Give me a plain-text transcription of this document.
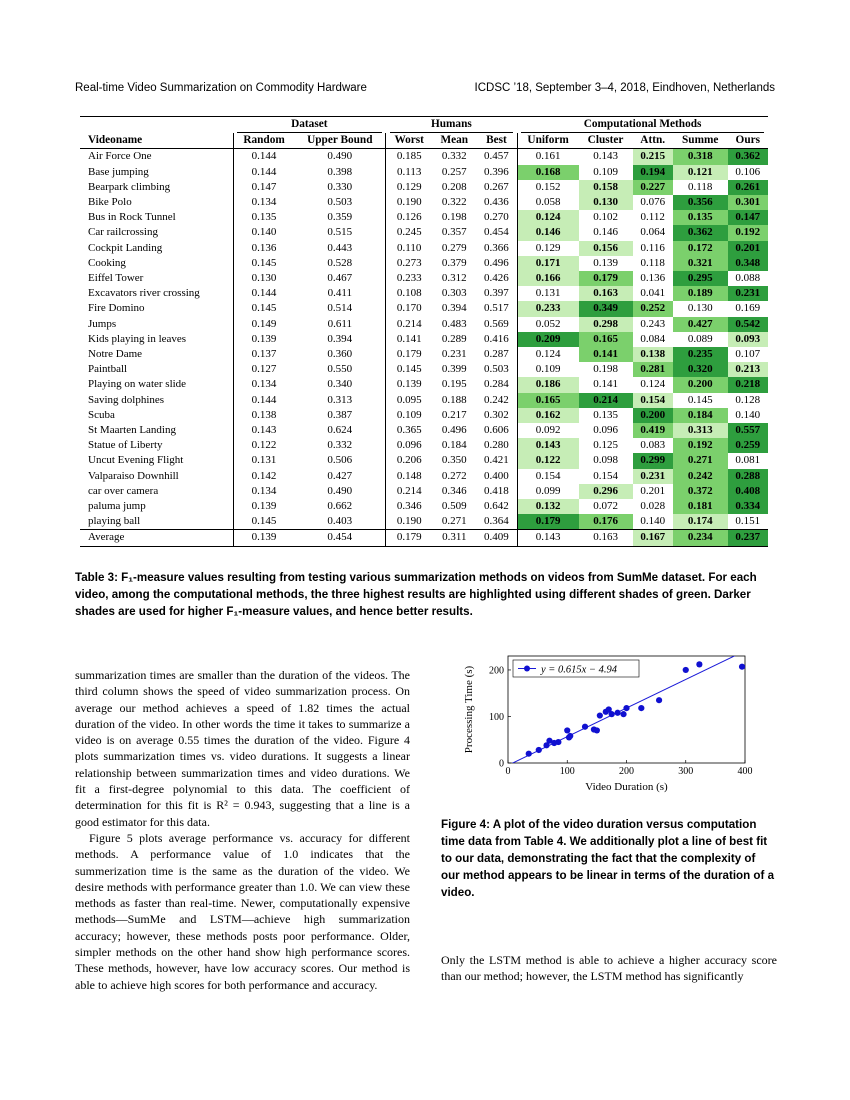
Real-time Video Summarization on Commodity Hardware	ICDSC ’18, September 3–4, 2018, Eindhoven, Netherlands

	Dataset		Humans			Computational Methods				

Videoname	Random	Upper Bound	Worst	Mean	Best	Uniform	Cluster	Attn.	Summe	Ours
Air Force One	0.144	0.490	0.185	0.332	0.457	0.161	0.143	0.215	0.318	0.362
Base jumping	0.144	0.398	0.113	0.257	0.396	0.168	0.109	0.194	0.121	0.106
Bearpark climbing	0.147	0.330	0.129	0.208	0.267	0.152	0.158	0.227	0.118	0.261
Bike Polo	0.134	0.503	0.190	0.322	0.436	0.058	0.130	0.076	0.356	0.301
Bus in Rock Tunnel	0.135	0.359	0.126	0.198	0.270	0.124	0.102	0.112	0.135	0.147
Car railcrossing	0.140	0.515	0.245	0.357	0.454	0.146	0.146	0.064	0.362	0.192
Cockpit Landing	0.136	0.443	0.110	0.279	0.366	0.129	0.156	0.116	0.172	0.201
Cooking	0.145	0.528	0.273	0.379	0.496	0.171	0.139	0.118	0.321	0.348
Eiffel Tower	0.130	0.467	0.233	0.312	0.426	0.166	0.179	0.136	0.295	0.088
Excavators river crossing	0.144	0.411	0.108	0.303	0.397	0.131	0.163	0.041	0.189	0.231
Fire Domino	0.145	0.514	0.170	0.394	0.517	0.233	0.349	0.252	0.130	0.169
Jumps	0.149	0.611	0.214	0.483	0.569	0.052	0.298	0.243	0.427	0.542
Kids playing in leaves	0.139	0.394	0.141	0.289	0.416	0.209	0.165	0.084	0.089	0.093
Notre Dame	0.137	0.360	0.179	0.231	0.287	0.124	0.141	0.138	0.235	0.107
Paintball	0.127	0.550	0.145	0.399	0.503	0.109	0.198	0.281	0.320	0.213
Playing on water slide	0.134	0.340	0.139	0.195	0.284	0.186	0.141	0.124	0.200	0.218
Saving dolphines	0.144	0.313	0.095	0.188	0.242	0.165	0.214	0.154	0.145	0.128
Scuba	0.138	0.387	0.109	0.217	0.302	0.162	0.135	0.200	0.184	0.140
St Maarten Landing	0.143	0.624	0.365	0.496	0.606	0.092	0.096	0.419	0.313	0.557
Statue of Liberty	0.122	0.332	0.096	0.184	0.280	0.143	0.125	0.083	0.192	0.259
Uncut Evening Flight	0.131	0.506	0.206	0.350	0.421	0.122	0.098	0.299	0.271	0.081
Valparaiso Downhill	0.142	0.427	0.148	0.272	0.400	0.154	0.154	0.231	0.242	0.288
car over camera	0.134	0.490	0.214	0.346	0.418	0.099	0.296	0.201	0.372	0.408
paluma jump	0.139	0.662	0.346	0.509	0.642	0.132	0.072	0.028	0.181	0.334
playing ball	0.145	0.403	0.190	0.271	0.364	0.179	0.176	0.140	0.174	0.151
Average	0.139	0.454	0.179	0.311	0.409	0.143	0.163	0.167	0.234	0.237
Table 3: F₁-measure values resulting from testing various summarization methods on videos from SumMe dataset. For each video, among the computational methods, the three highest results are highlighted using different shades of green. Darker shades are used for higher F₁-measure values, and hence better results.

summarization times are smaller than the duration of the videos. The third column shows the speed of video summarization process. On average our method achieves a speed of 1.82 times the actual duration of the video. In other words the time it takes to summarize a video is on average 0.55 times the duration of the video. Figure 4 plots summarization times vs. video durations. It suggests a linear relationship between summarization times and video durations. We fit a first-degree polynomial to this data. The coefficient of determination for this fit is R² = 0.943, suggesting that a line is a good estimator for this data.

Figure 5 plots average performance vs. accuracy for different methods. A performance value of 1.0 indicates that the summerization time is the same as the duration of the video. We desire methods with performance greater than 1.0. We can view these methods as faster than real-time. Newer, computationally expensive methods—SumMe and LSTM—achieve high summarization accuracy; however, these methods posts poor performance. Older, simpler methods on the other hand show high performance scores. These methods, however, have low accuracy scores. Our method is able to achieve high scores for both performance and accuracy.

0	100	200	300	400
0
100
200	y = 0.615x − 4.94
Video Duration (s)
Processing Time (s)
Figure 4: A plot of the video duration versus computation time data from Table 4. We additionally plot a line of best fit to our data, demonstrating the fact that the complexity of our method appears to be linear in terms of the duration of a video.

Only the LSTM method is able to achieve a higher accuracy score than our method; however, the LSTM method has significantly
